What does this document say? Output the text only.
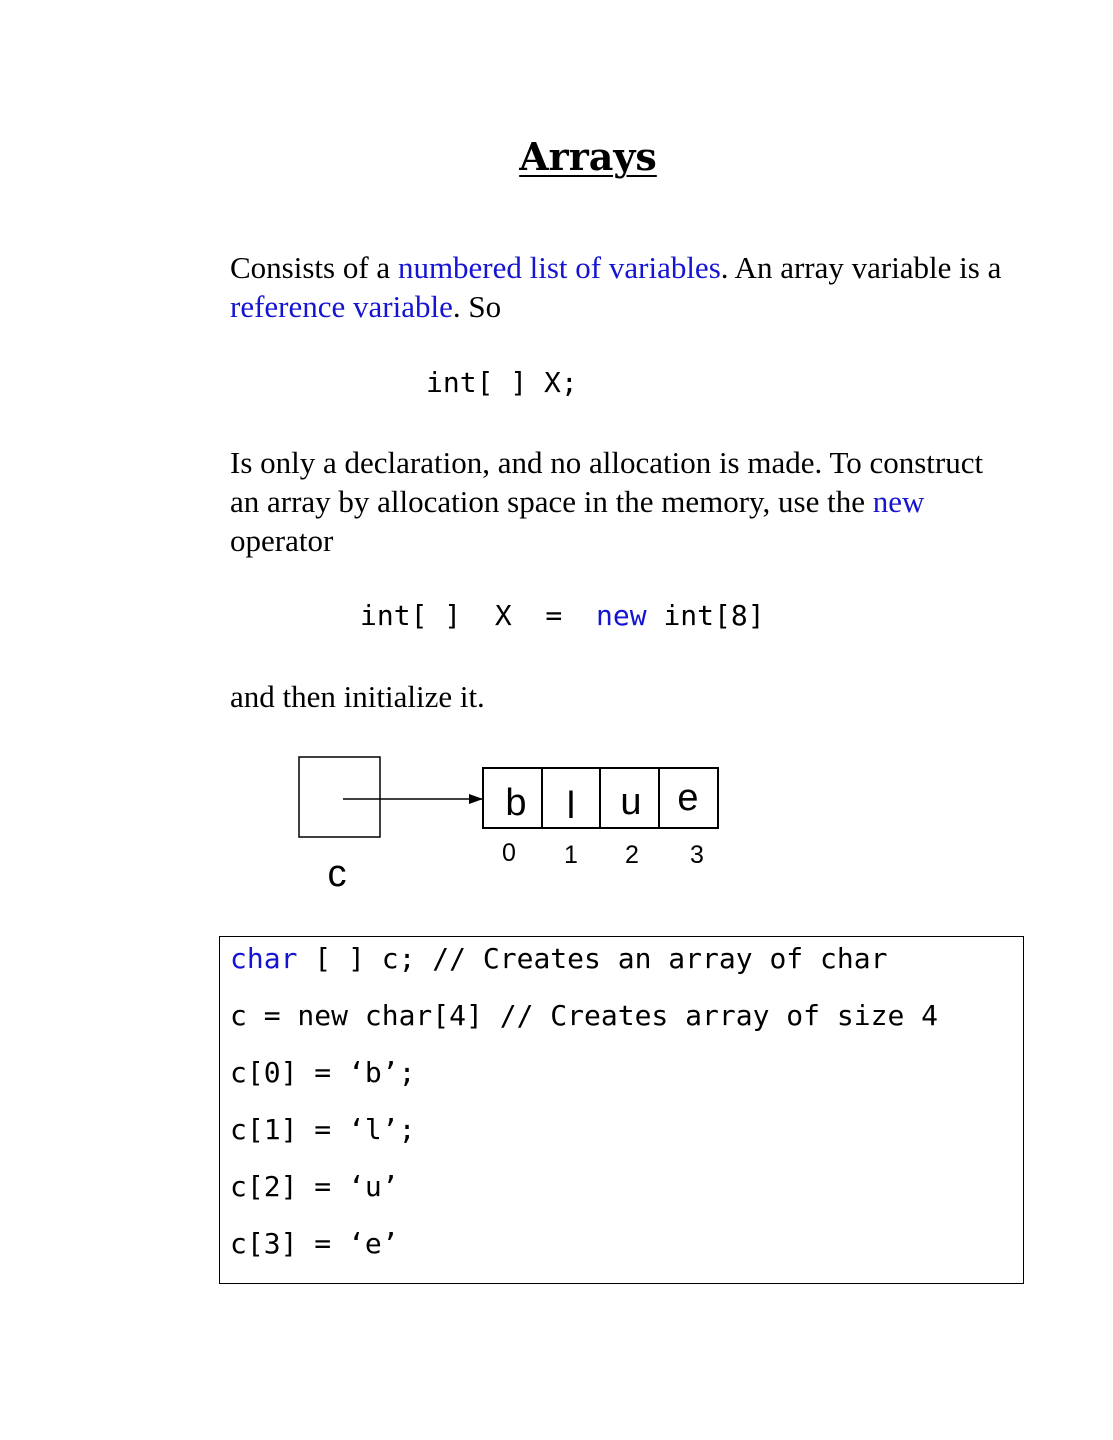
Arrays

Consists of a numbered list of variables. An array variable is a reference variable. So

int[ ] X;

Is only a declaration, and no allocation is made. To construct an array by allocation space in the memory, use the new operator

int[ ]  X  =  new int[8]

and then initialize it.

c
b l u e
0 1 2 3
char [ ] c; // Creates an array of char
c = new char[4] // Creates array of size 4
c[0] = ‘b’;
c[1] = ‘l’;
c[2] = ‘u’
c[3] = ‘e’
